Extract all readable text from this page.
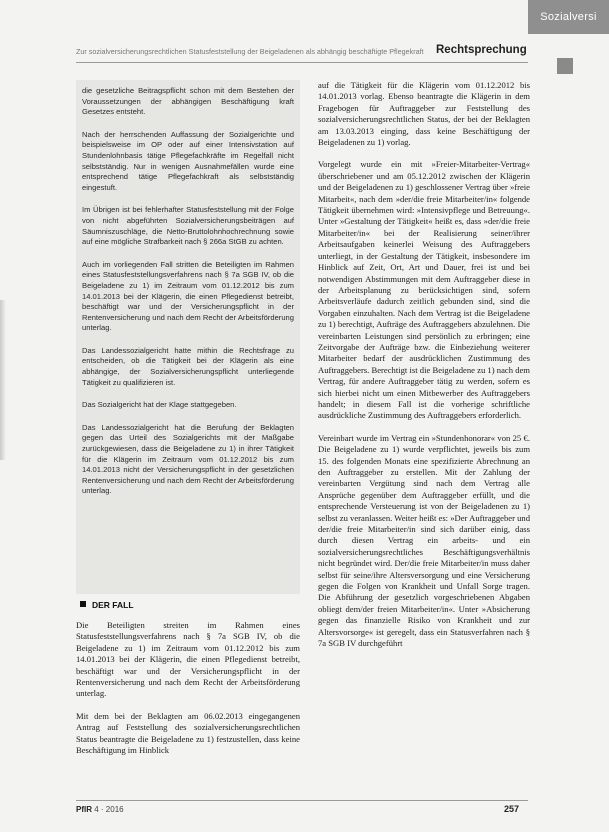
Sozialversi
Zur sozialversicherungsrechtlichen Statusfeststellung der Beigeladenen als abhängig beschäftigte Pflegekraft	Rechtsprechung

die gesetzliche Beitragspflicht schon mit dem Bestehen der Voraussetzungen der abhängigen Beschäftigung kraft Gesetzes entsteht.

Nach der herrschenden Auffassung der Sozialgerichte und beispielsweise im OP oder auf einer Intensivstation auf Stundenlohnbasis tätige Pflegefachkräfte im Regelfall nicht selbstständig. Nur in wenigen Ausnahmefällen wurde eine entsprechend tätige Pflegefachkraft als selbstständig eingestuft.

Im Übrigen ist bei fehlerhafter Statusfeststellung mit der Folge von nicht abgeführten Sozialversicherungsbeiträgen auf Säumniszuschläge, die Netto-Bruttolohnhochrechnung sowie auf eine mögliche Strafbarkeit nach § 266a StGB zu achten.

Auch im vorliegenden Fall stritten die Beteiligten im Rahmen eines Statusfeststellungsverfahrens nach § 7a SGB IV, ob die Beigeladene zu 1) im Zeitraum vom 01.12.2012 bis zum 14.01.2013 bei der Klägerin, die einen Pflegedienst betreibt, beschäftigt war und der Versicherungspflicht in der Rentenversicherung und nach dem Recht der Arbeitsförderung unterlag.

Das Landessozialgericht hatte mithin die Rechtsfrage zu entscheiden, ob die Tätigkeit bei der Klägerin als eine abhängige, der Sozialversicherungspflicht unterliegende Tätigkeit zu qualifizieren ist.

Das Sozialgericht hat der Klage stattgegeben.

Das Landessozialgericht hat die Berufung der Beklagten gegen das Urteil des Sozialgerichts mit der Maßgabe zurückgewiesen, dass die Beigeladene zu 1) in ihrer Tätigkeit für die Klägerin im Zeitraum vom 01.12.2012 bis zum 14.01.2013 nicht der Versicherungspflicht in der gesetzlichen Rentenversicherung und nach dem Recht der Arbeitsförderung unterlag.

DER FALL

Die Beteiligten streiten im Rahmen eines Statusfeststellungsverfahrens nach § 7a SGB IV, ob die Beigeladene zu 1) im Zeitraum vom 01.12.2012 bis zum 14.01.2013 bei der Klägerin, die einen Pflegedienst betreibt, beschäftigt war und der Versicherungspflicht in der Rentenversicherung und nach dem Recht der Arbeitsförderung unterlag.

Mit dem bei der Beklagten am 06.02.2013 eingegangenen Antrag auf Feststellung des sozialversicherungsrechtlichen Status beantragte die Beigeladene zu 1) festzustellen, dass keine Beschäftigung im Hinblick

auf die Tätigkeit für die Klägerin vom 01.12.2012 bis 14.01.2013 vorlag. Ebenso beantragte die Klägerin in dem Fragebogen für Auftraggeber zur Feststellung des sozialversicherungsrechtlichen Status, der bei der Beklagten am 13.03.2013 einging, dass keine Beschäftigung der Beigeladenen zu 1) vorlag.

Vorgelegt wurde ein mit »Freier-Mitarbeiter-Vertrag« überschriebener und am 05.12.2012 zwischen der Klägerin und der Beigeladenen zu 1) geschlossener Vertrag über »freie Mitarbeit«, nach dem »der/die freie Mitarbeiter/in« folgende Tätigkeit übernehmen wird: »Intensivpflege und Betreuung«. Unter »Gestaltung der Tätigkeit« heißt es, dass »der/die freie Mitarbeiter/in« bei der Realisierung seiner/ihrer Arbeitsaufgaben keinerlei Weisung des Auftraggebers unterliegt, in der Gestaltung der Tätigkeit, insbesondere im Hinblick auf Zeit, Ort, Art und Dauer, frei ist und bei notwendigen Abstimmungen mit dem Auftraggeber diese in der Arbeitsplanung zu berücksichtigen sind, sofern Arbeitsverläufe dadurch zeitlich gebunden sind, sind die Vorgaben einzuhalten. Nach dem Vertrag ist die Beigeladene zu 1) berechtigt, Aufträge des Auftraggebers abzulehnen. Die vereinbarten Leistungen sind persönlich zu erbringen; eine Zeitvorgabe der Aufträge bzw. die Einbeziehung weiterer Mitarbeiter bedarf der ausdrücklichen Zustimmung des Auftraggebers. Berechtigt ist die Beigeladene zu 1) nach dem Vertrag, für andere Auftraggeber tätig zu werden, sofern es sich hierbei nicht um einen Mitbewerber des Auftraggebers handelt; in diesem Fall ist die vorherige schriftliche ausdrückliche Zustimmung des Auftraggebers erforderlich.

Vereinbart wurde im Vertrag ein »Stundenhonorar« von 25 €. Die Beigeladene zu 1) wurde verpflichtet, jeweils bis zum 15. des folgenden Monats eine spezifizierte Abrechnung an den Auftraggeber zu erstellen. Mit der Zahlung der vereinbarten Vergütung sind nach dem Vertrag alle Ansprüche gegenüber dem Auftraggeber erfüllt, und die entsprechende Versteuerung ist von der Beigeladenen zu 1) selbst zu veranlassen. Weiter heißt es: »Der Auftraggeber und der/die freie Mitarbeiter/in sind sich darüber einig, dass durch diesen Vertrag ein arbeits- und ein sozialversicherungsrechtliches Beschäftigungsverhältnis nicht begründet wird. Der/die freie Mitarbeiter/in muss daher selbst für seine/ihre Altersversorgung und eine Versicherung gegen die Folgen von Krankheit und Unfall Sorge tragen. Die Abführung der gesetzlich vorgeschriebenen Abgaben obliegt dem/der freien Mitarbeiter/in«. Unter »Absicherung gegen das finanzielle Risiko von Krankheit und zur Altersvorsorge« ist geregelt, dass ein Statusverfahren nach § 7a SGB IV durchgeführt

PflR 4 · 2016	257
